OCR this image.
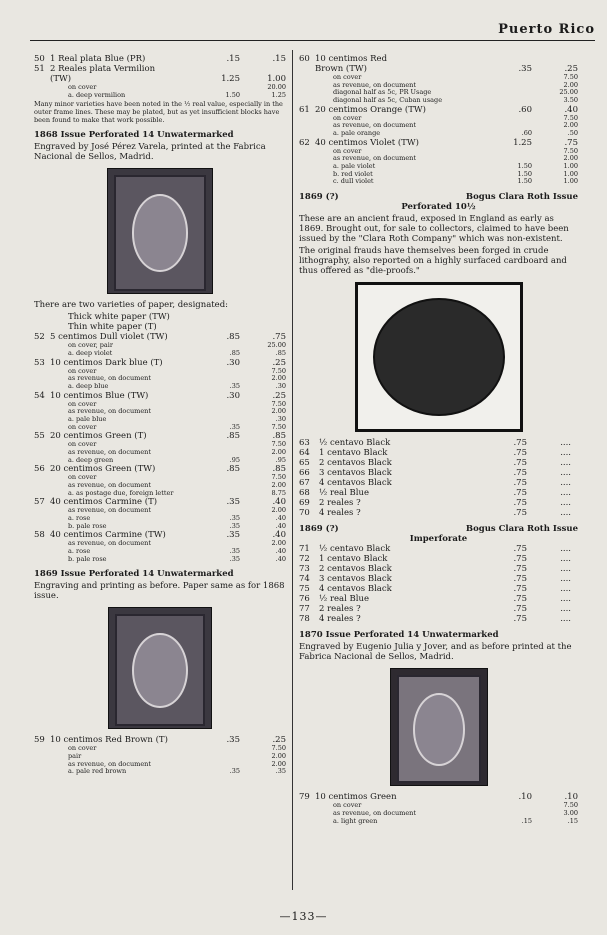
Puerto Rico
50 1 Real plata Blue (PR)	.15	.15
51 2 Reales plata Vermilion
(TW)	1.25	1.00
on cover	20.00
a. deep vermilion	1.50	1.25
Many minor varieties have been noted in the ½ real value, especially in the outer frame lines. These may be plated, but as yet insufficient blocks have been found to make that work possible.
1868 Issue Perforated 14 Unwatermarked
Engraved by José Pérez Varela, printed at the Fabrica Nacional de Sellos, Madrid.
There are two varieties of paper, designated:
Thick white paper (TW)
Thin white paper (T)
52 5 centimos Dull violet (TW)	.85	.75
on cover, pair	25.00
a. deep violet	.85	.85
53 10 centimos Dark blue (T)	.30	.25
on cover	7.50
as revenue, on document	2.00
a. deep blue	.35	.30
54 10 centimos Blue (TW)	.30	.25
on cover	7.50
as revenue, on document	2.00
a. pale blue	.30
on cover	.35	7.50
55 20 centimos Green (T)	.85	.85
on cover	7.50
as revenue, on document	2.00
a. deep green	.95	.95
56 20 centimos Green (TW)	.85	.85
on cover	7.50
as revenue, on document	2.00
a. as postage due, foreign letter	8.75
57 40 centimos Carmine (T)	.35	.40
as revenue, on document	2.00
a. rose	.35	.40
b. pale rose	.35	.40
58 40 centimos Carmine (TW)	.35	.40
as revenue, on document	2.00
a. rose	.35	.40
b. pale rose	.35	.40
1869 Issue Perforated 14 Unwatermarked
Engraving and printing as before. Paper same as for 1868 issue.
59 10 centimos Red Brown (T)	.35	.25
on cover	7.50
pair	2.00
as revenue, on document	2.00
a. pale red brown	.35	.35
60 10 centimos Red
Brown (TW)	.35	.25
on cover	7.50
as revenue, on document	2.00
diagonal half as 5c, PR Usage	25.00
diagonal half as 5c, Cuban usage	3.50
61 20 centimos Orange (TW)	.60	.40
on cover	7.50
as revenue, on document	2.00
a. pale orange	.60	.50
62 40 centimos Violet (TW)	1.25	.75
on cover	7.50
as revenue, on document	2.00
a. pale violet	1.50	1.00
b. red violet	1.50	1.00
c. dull violet	1.50	1.00
1869 (?)	Bogus Clara Roth Issue
Perforated 10½
These are an ancient fraud, exposed in England as early as 1869. Brought out, for sale to collectors, claimed to have been issued by the "Clara Roth Company" which was non-existent.
The original frauds have themselves been forged in crude lithography, also reported on a highly surfaced cardboard and thus offered as "die-proofs."
63	½ centavo Black	.75	....
64	1 centavo Black	.75	....
65	2 centavos Black	.75	....
66	3 centavos Black	.75	....
67	4 centavos Black	.75	....
68	½ real Blue	.75	....
69	2 reales ?	.75	....
70	4 reales ?	.75	....
1869 (?)	Bogus Clara Roth Issue
Imperforate
71	½ centavo Black	.75	....
72	1 centavo Black	.75	....
73	2 centavos Black	.75	....
74	3 centavos Black	.75	....
75	4 centavos Black	.75	....
76	½ real Blue	.75	....
77	2 reales ?	.75	....
78	4 reales ?	.75	....
1870 Issue Perforated 14 Unwatermarked
Engraved by Eugenio Julia y Jover, and as before printed at the Fabrica Nacional de Sellos, Madrid.
79 10 centimos Green	.10	.10
on cover	7.50
as revenue, on document	3.00
a. light green	.15	.15
—133—
